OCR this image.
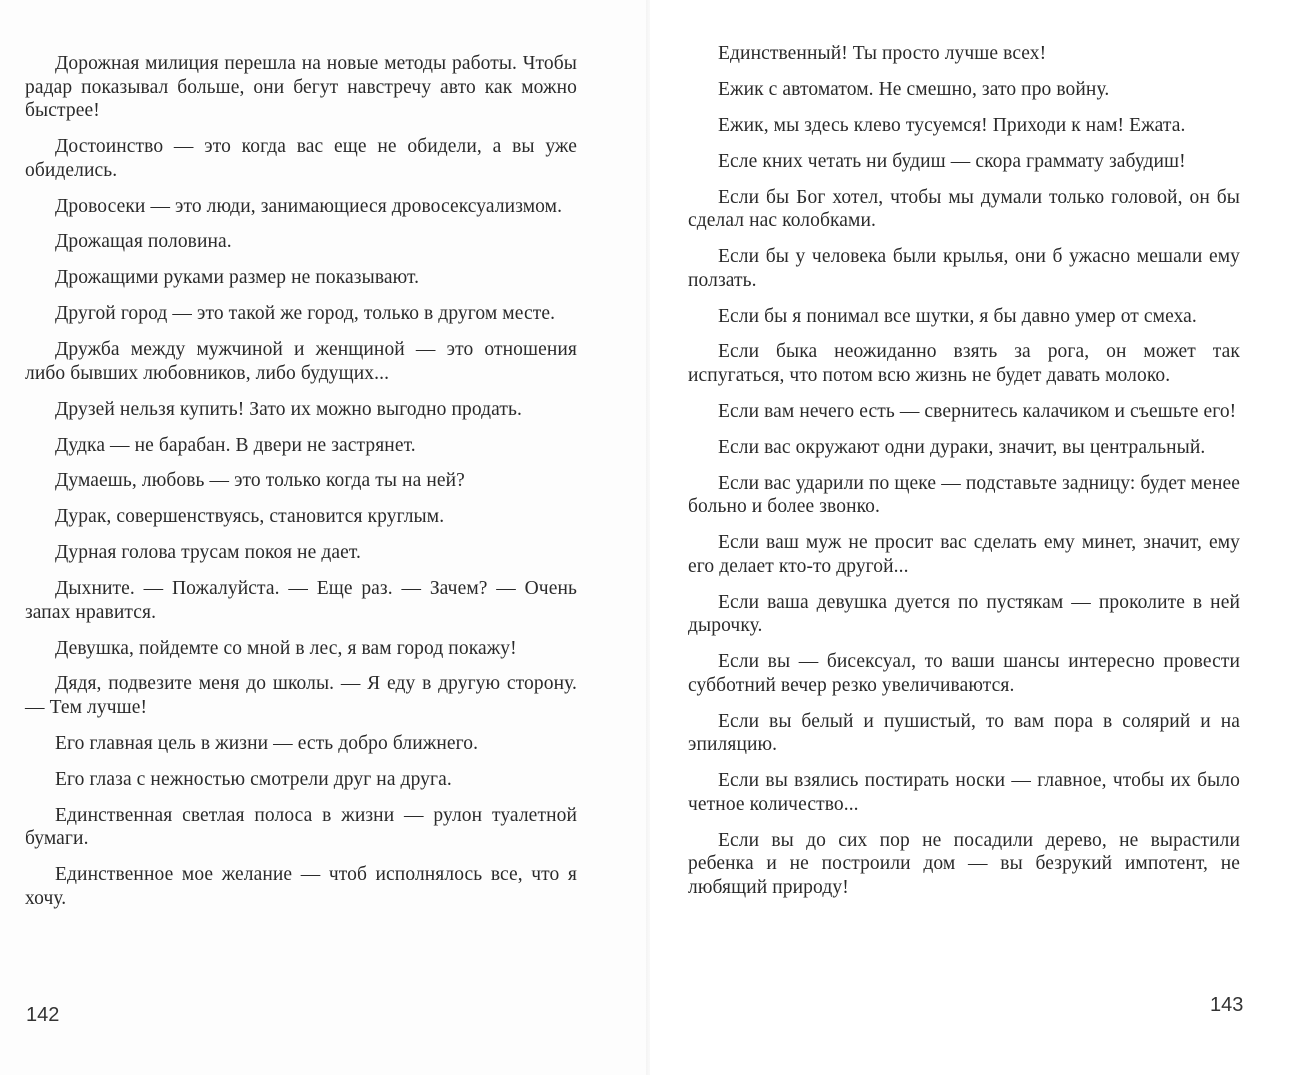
Дорожная милиция перешла на новые методы работы. Чтобы радар показывал больше, они бегут навстречу авто как можно быстрее!

Достоинство — это когда вас еще не обидели, а вы уже обиделись.

Дровосеки — это люди, занимающиеся дровосексуализмом.

Дрожащая половина.

Дрожащими руками размер не показывают.

Другой город — это такой же город, только в другом месте.

Дружба между мужчиной и женщиной — это отношения либо бывших любовников, либо будущих...

Друзей нельзя купить! Зато их можно выгодно продать.

Дудка — не барабан. В двери не застрянет.

Думаешь, любовь — это только когда ты на ней?

Дурак, совершенствуясь, становится круглым.

Дурная голова трусам покоя не дает.

Дыхните. — Пожалуйста. — Еще раз. — Зачем? — Очень запах нравится.

Девушка, пойдемте со мной в лес, я вам город покажу!

Дядя, подвезите меня до школы. — Я еду в другую сторону. — Тем лучше!

Его главная цель в жизни — есть добро ближнего.

Его глаза с нежностью смотрели друг на друга.

Единственная светлая полоса в жизни — рулон туалетной бумаги.

Единственное мое желание — чтоб исполнялось все, что я хочу.

142

Единственный! Ты просто лучше всех!

Ежик с автоматом. Не смешно, зато про войну.

Ежик, мы здесь клево тусуемся! Приходи к нам! Ежата.

Есле кних четать ни будиш — скора граммату забудиш!

Если бы Бог хотел, чтобы мы думали только головой, он бы сделал нас колобками.

Если бы у человека были крылья, они б ужасно мешали ему ползать.

Если бы я понимал все шутки, я бы давно умер от смеха.

Если быка неожиданно взять за рога, он может так испугаться, что потом всю жизнь не будет давать молоко.

Если вам нечего есть — свернитесь калачиком и съешьте его!

Если вас окружают одни дураки, значит, вы центральный.

Если вас ударили по щеке — подставьте задницу: будет менее больно и более звонко.

Если ваш муж не просит вас сделать ему минет, значит, ему его делает кто-то другой...

Если ваша девушка дуется по пустякам — проколите в ней дырочку.

Если вы — бисексуал, то ваши шансы интересно провести субботний вечер резко увеличиваются.

Если вы белый и пушистый, то вам пора в солярий и на эпиляцию.

Если вы взялись постирать носки — главное, чтобы их было четное количество...

Если вы до сих пор не посадили дерево, не вырастили ребенка и не построили дом — вы безрукий импотент, не любящий природу!

143
